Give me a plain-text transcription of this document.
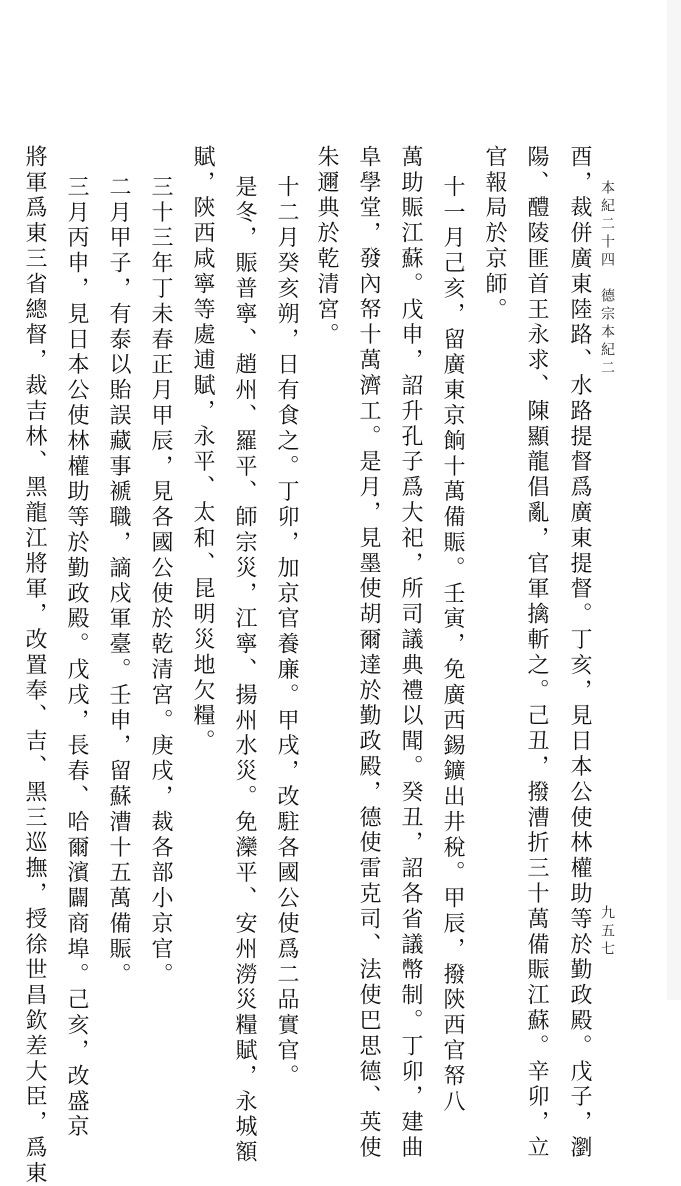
酉，裁併廣東陸路、水路提督爲廣東提督。丁亥，見日本公使林權助等於勤政殿。戊子，瀏
陽、醴陵匪首王永求、陳顯龍倡亂，官軍擒斬之。己丑，撥漕折三十萬備賑江蘇。辛卯，立
官報局於京師。
十一月己亥，留廣東京餉十萬備賑。壬寅，免廣西錫鑛出井稅。甲辰，撥陝西官帑八
萬助賑江蘇。戊申，詔升孔子爲大祀，所司議典禮以聞。癸丑，詔各省議幣制。丁卯，建曲
阜學堂，發內帑十萬濟工。是月，見墨使胡爾達於勤政殿，德使雷克司、法使巴思德、英使
朱邇典於乾清宮。
十二月癸亥朔，日有食之。丁卯，加京官養廉。甲戌，改駐各國公使爲二品實官。
是冬，賑普寧、趙州、羅平、師宗災，江寧、揚州水災。免灤平、安州澇災糧賦，永城額
賦，陝西咸寧等處逋賦，永平、太和、昆明災地欠糧。
三十三年丁未春正月甲辰，見各國公使於乾清宮。庚戌，裁各部小京官。
二月甲子，有泰以貽誤藏事褫職，謫戍軍臺。壬申，留蘇漕十五萬備賑。
三月丙申，見日本公使林權助等於勤政殿。戊戌，長春、哈爾濱闢商埠。己亥，改盛京
將軍爲東三省總督，裁吉林、黑龍江將軍，改置奉、吉、黑三巡撫，授徐世昌欽差大臣，爲東	本紀二十四　德宗本紀二
九五七
